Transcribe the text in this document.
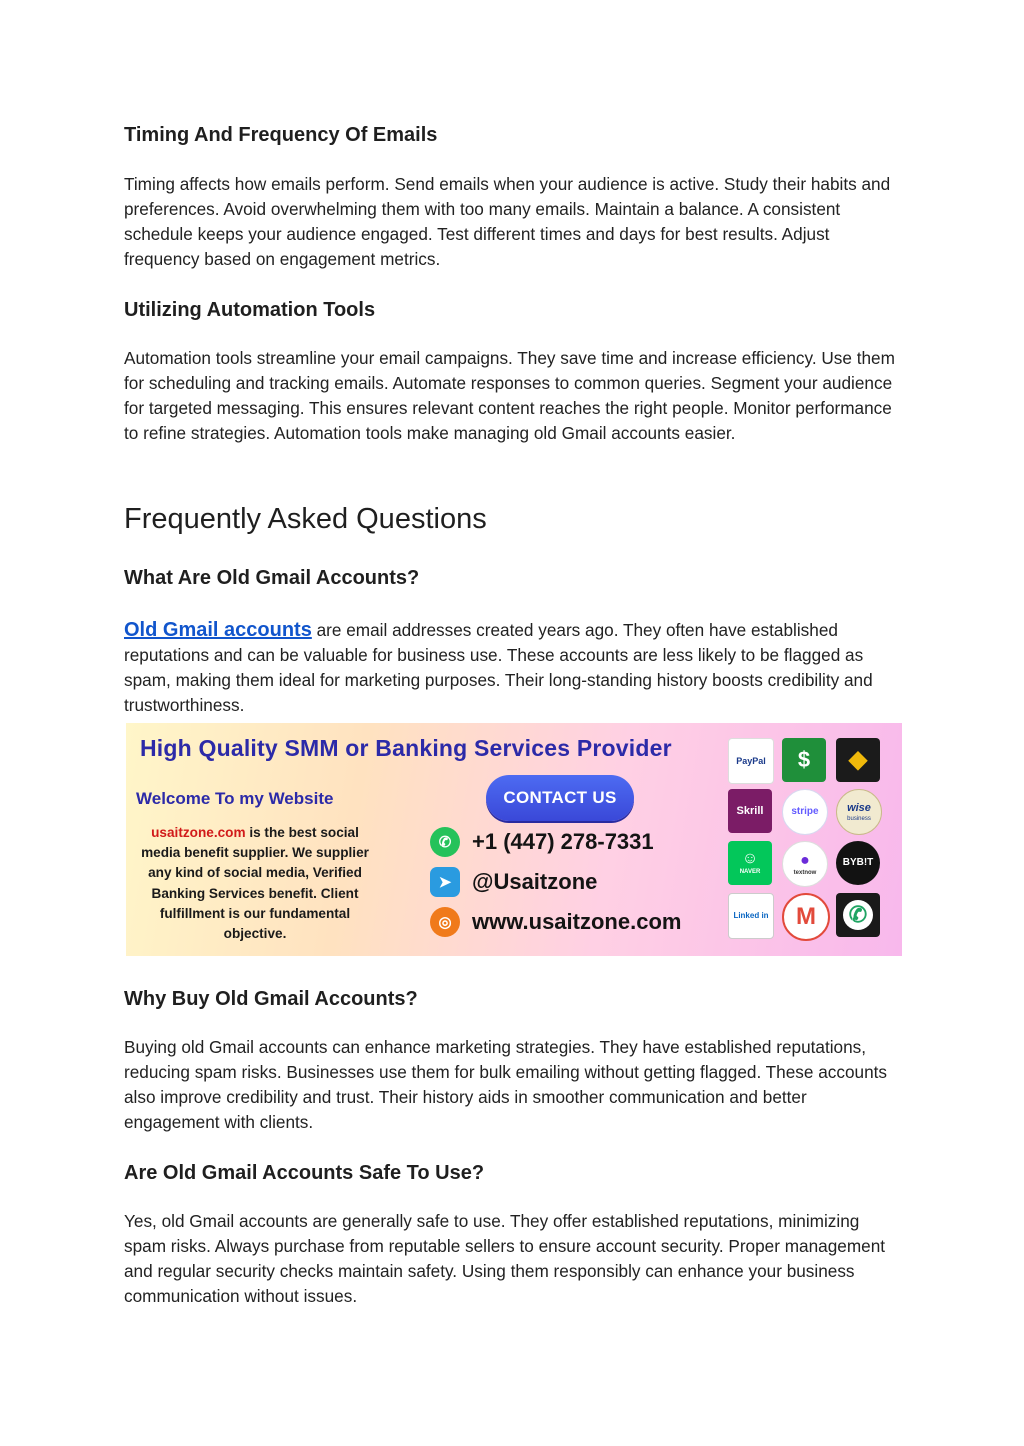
Timing And Frequency Of Emails

Timing affects how emails perform. Send emails when your audience is active. Study their habits and preferences. Avoid overwhelming them with too many emails. Maintain a balance. A consistent schedule keeps your audience engaged. Test different times and days for best results. Adjust frequency based on engagement metrics.

Utilizing Automation Tools

Automation tools streamline your email campaigns. They save time and increase efficiency. Use them for scheduling and tracking emails. Automate responses to common queries. Segment your audience for targeted messaging. This ensures relevant content reaches the right people. Monitor performance to refine strategies. Automation tools make managing old Gmail accounts easier.

Frequently Asked Questions
What Are Old Gmail Accounts?

Old Gmail accounts are email addresses created years ago. They often have established reputations and can be valuable for business use. These accounts are less likely to be flagged as spam, making them ideal for marketing purposes. Their long-standing history boosts credibility and trustworthiness.

Why Buy Old Gmail Accounts?

Buying old Gmail accounts can enhance marketing strategies. They have established reputations, reducing spam risks. Businesses use them for bulk emailing without getting flagged. These accounts also improve credibility and trust. Their history aids in smoother communication and better engagement with clients.

Are Old Gmail Accounts Safe To Use?

Yes, old Gmail accounts are generally safe to use. They offer established reputations, minimizing spam risks. Always purchase from reputable sellers to ensure account security. Proper management and regular security checks maintain safety. Using them responsibly can enhance your business communication without issues.

High Quality SMM or Banking Services Provider
Welcome To my Website
usaitzone.com is the best social media benefit supplier. We supplier any kind of social media, Verified Banking Services benefit. Client fulfillment is our fundamental objective.
CONTACT US
✆ +1 (447) 278-7331
➤ @Usaitzone
◎ www.usaitzone.com
PayPal $ ◆
Skrill	stripe	wise
business
☺
NAVER
●
textnow
BYB!T
Linked in M ✆
